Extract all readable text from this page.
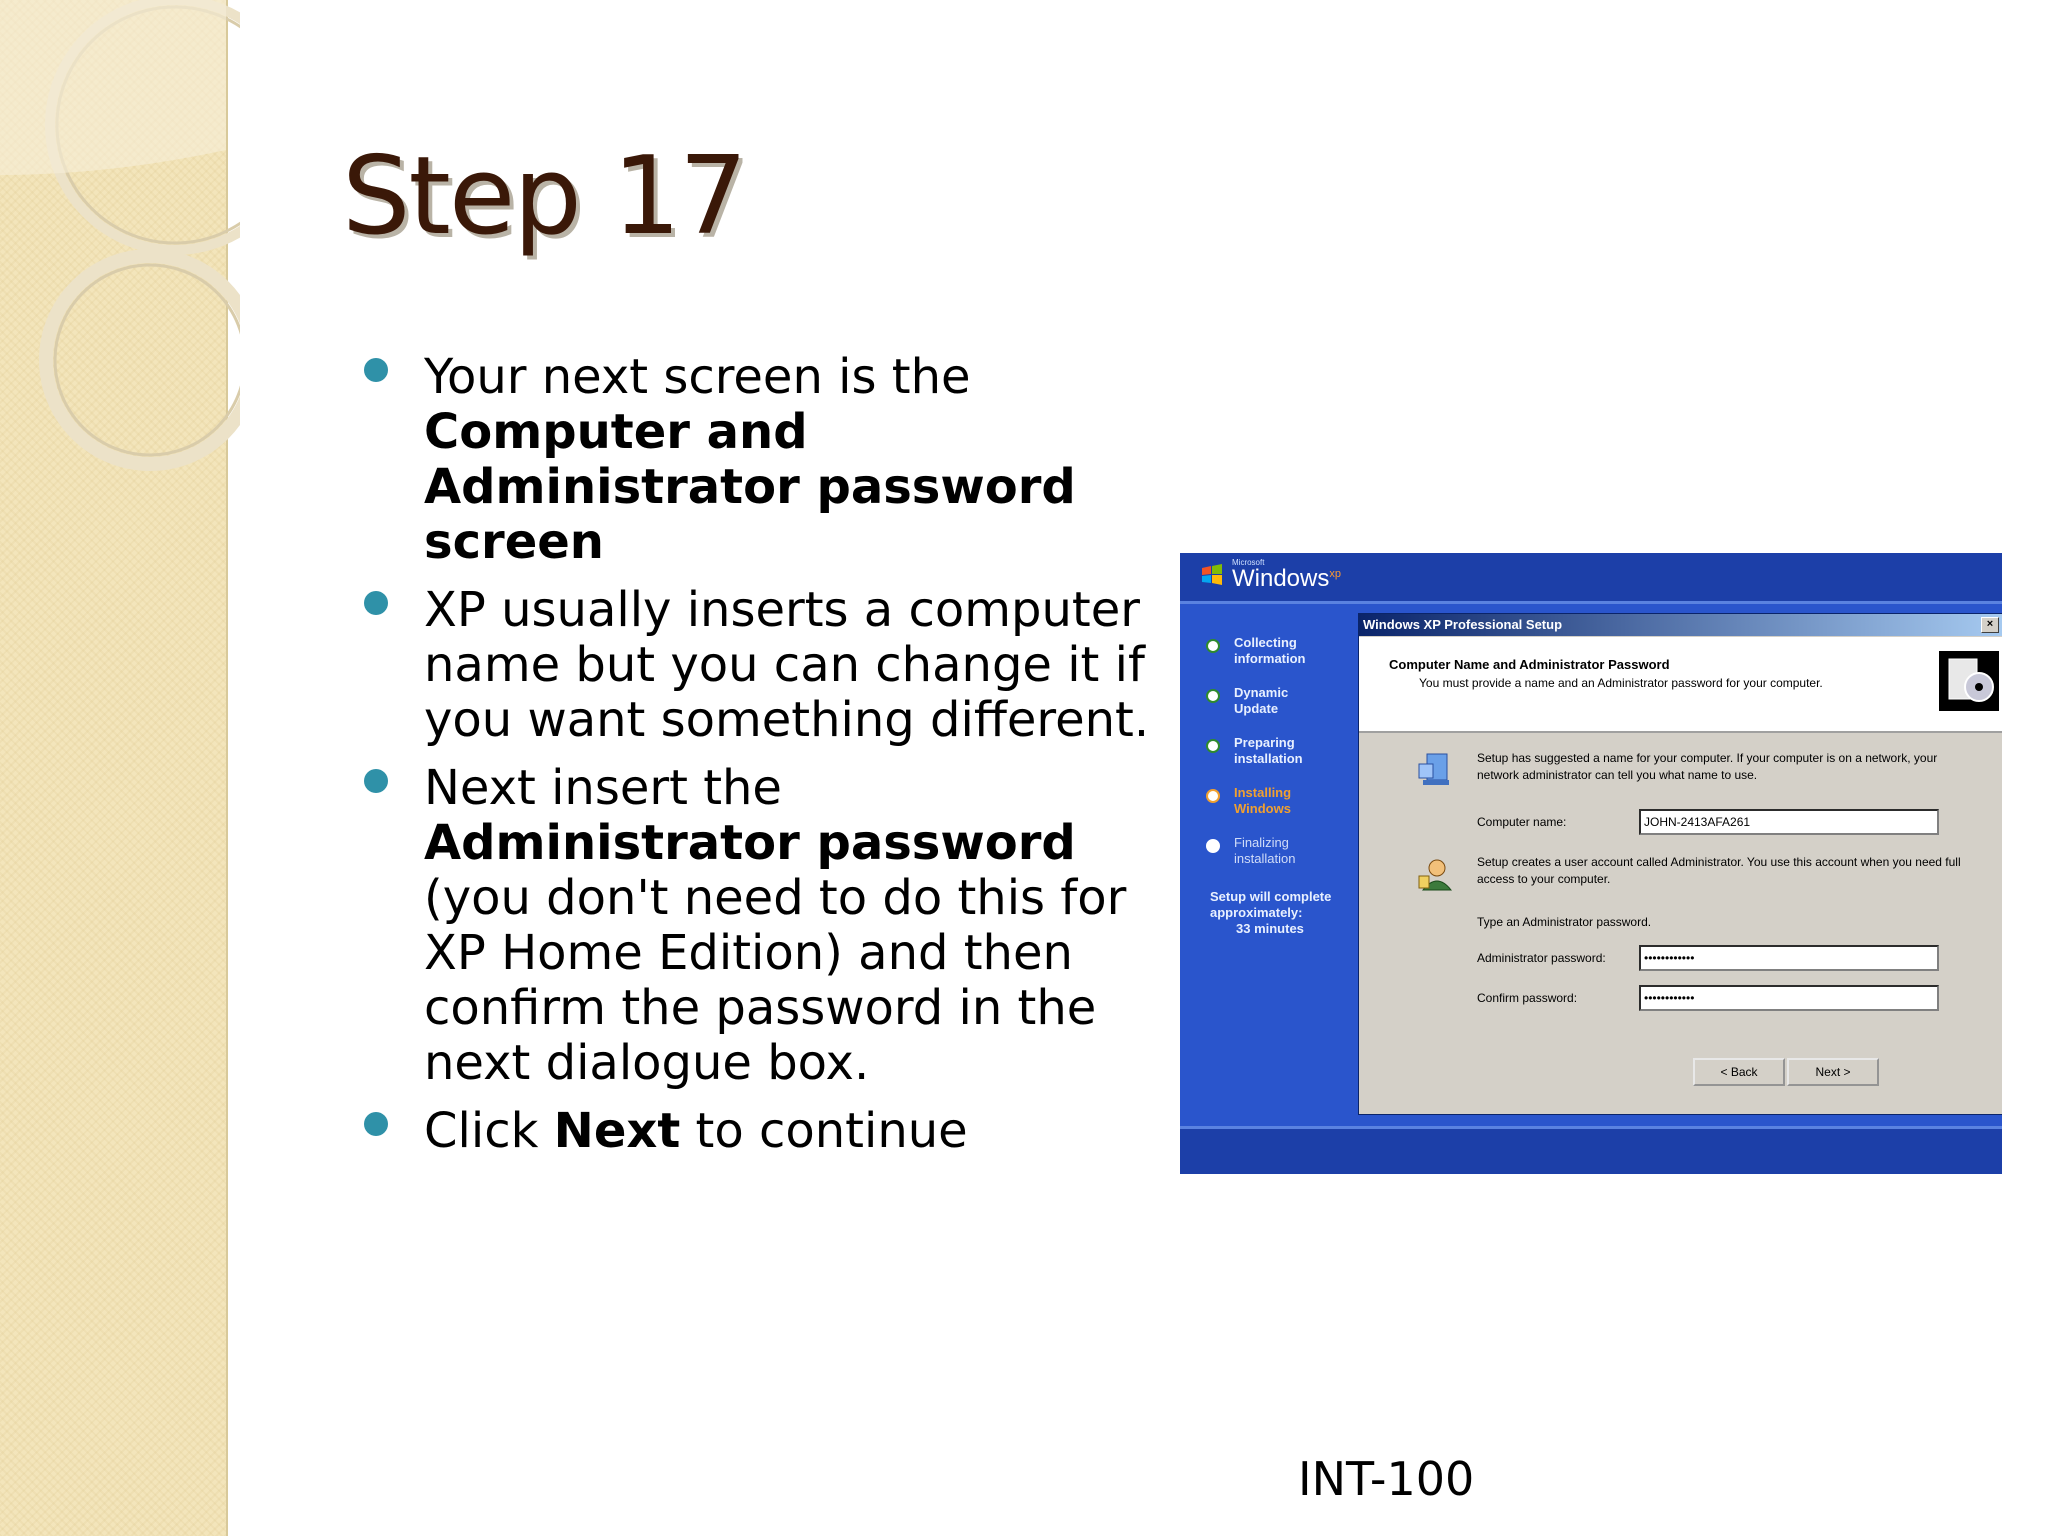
Step 17
Your next screen is the Computer and Administrator password screen
XP usually inserts a computer name but you can change it if you want something different.
Next insert the Administrator password (you don't need to do this for XP Home Edition) and then confirm the password in the next dialogue box.
Click Next to continue
Microsoft
Windows$^{xp}$
Collecting
information
Dynamic
Update
Preparing
installation
Installing
Windows
Finalizing
installation
Setup will complete
approximately:
33 minutes
Windows XP Professional Setup	×
Computer Name and Administrator Password
You must provide a name and an Administrator password for your computer.
Setup has suggested a name for your computer. If your computer is on a network, your network administrator can tell you what name to use.
Computer name:	JOHN-2413AFA261
Setup creates a user account called Administrator. You use this account when you need full access to your computer.
Type an Administrator password.
Administrator password:	••••••••••••
Confirm password:	••••••••••••
< Back	Next >
INT-100
